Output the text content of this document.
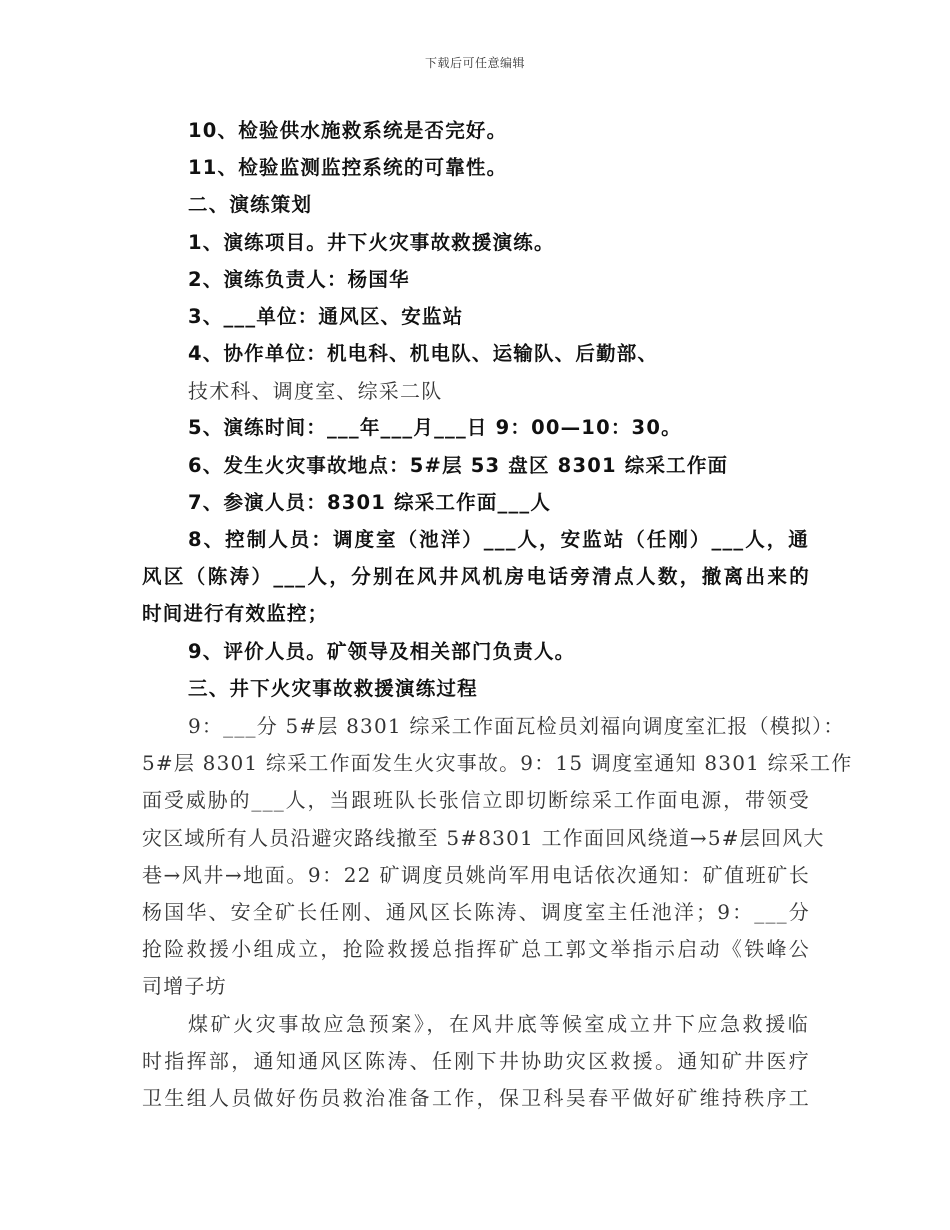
下载后可任意编辑
10、检验供水施救系统是否完好。
11、检验监测监控系统的可靠性。
二、演练策划
1、演练项目。井下火灾事故救援演练。
2、演练负责人：杨国华
3、___单位：通风区、安监站
4、协作单位：机电科、机电队、运输队、后勤部、
技术科、调度室、综采二队
5、演练时间：___年___月___日 9：00—10：30。
6、发生火灾事故地点：5#层 53 盘区 8301 综采工作面
7、参演人员：8301 综采工作面___人
8、控制人员：调度室（池洋）___人，安监站（任刚）___人，通
风区（陈涛）___人，分别在风井风机房电话旁清点人数，撤离出来的
时间进行有效监控；
9、评价人员。矿领导及相关部门负责人。
三、井下火灾事故救援演练过程
9：___分 5#层 8301 综采工作面瓦检员刘福向调度室汇报（模拟）：
5#层 8301 综采工作面发生火灾事故。9：15 调度室通知 8301 综采工作
面受威胁的___人，当跟班队长张信立即切断综采工作面电源，带领受
灾区域所有人员沿避灾路线撤至 5#8301 工作面回风绕道→5#层回风大
巷→风井→地面。9：22 矿调度员姚尚军用电话依次通知：矿值班矿长
杨国华、安全矿长任刚、通风区长陈涛、调度室主任池洋；9：___分
抢险救援小组成立，抢险救援总指挥矿总工郭文举指示启动《铁峰公
司增子坊
煤矿火灾事故应急预案》，在风井底等候室成立井下应急救援临
时指挥部，通知通风区陈涛、任刚下井协助灾区救援。通知矿井医疗
卫生组人员做好伤员救治准备工作，保卫科吴春平做好矿维持秩序工
